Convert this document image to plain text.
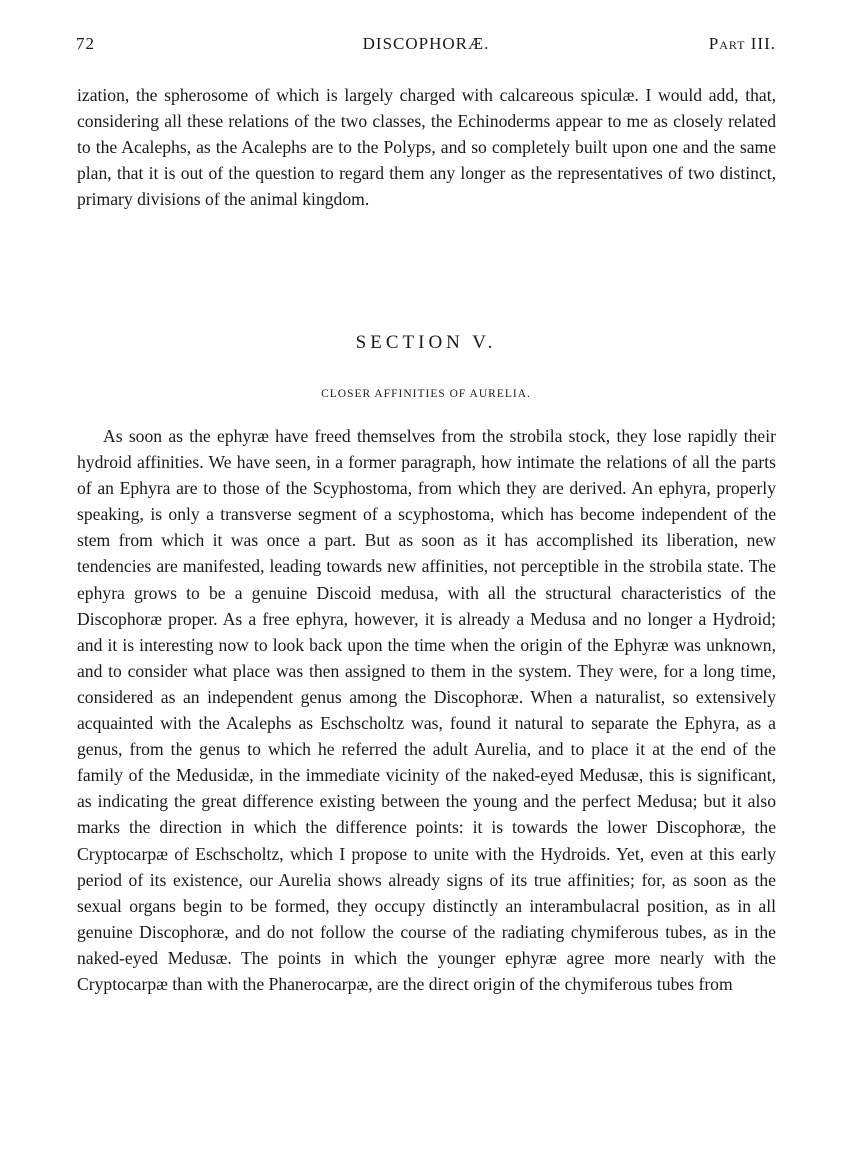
72	DISCOPHORÆ.	Part III.

ization, the spherosome of which is largely charged with calcareous spiculæ. I would add, that, considering all these relations of the two classes, the Echinoderms appear to me as closely related to the Acalephs, as the Acalephs are to the Polyps, and so completely built upon one and the same plan, that it is out of the question to regard them any longer as the representatives of two distinct, primary divisions of the animal kingdom.

SECTION V.
CLOSER AFFINITIES OF AURELIA.

As soon as the ephyræ have freed themselves from the strobila stock, they lose rapidly their hydroid affinities. We have seen, in a former paragraph, how intimate the relations of all the parts of an Ephyra are to those of the Scyphostoma, from which they are derived. An ephyra, properly speaking, is only a transverse segment of a scyphostoma, which has become independent of the stem from which it was once a part. But as soon as it has accomplished its liberation, new tendencies are manifested, leading towards new affinities, not perceptible in the strobila state. The ephyra grows to be a genuine Discoid medusa, with all the structural characteristics of the Discophoræ proper. As a free ephyra, however, it is already a Medusa and no longer a Hydroid; and it is interesting now to look back upon the time when the origin of the Ephyræ was unknown, and to consider what place was then assigned to them in the system. They were, for a long time, considered as an independent genus among the Discophoræ. When a naturalist, so extensively acquainted with the Acalephs as Eschscholtz was, found it natural to separate the Ephyra, as a genus, from the genus to which he referred the adult Aurelia, and to place it at the end of the family of the Medusidæ, in the immediate vicinity of the naked-eyed Medusæ, this is significant, as indicating the great difference existing between the young and the perfect Medusa; but it also marks the direction in which the difference points: it is towards the lower Discophoræ, the Cryptocarpæ of Eschscholtz, which I propose to unite with the Hydroids. Yet, even at this early period of its existence, our Aurelia shows already signs of its true affinities; for, as soon as the sexual organs begin to be formed, they occupy distinctly an interambulacral position, as in all genuine Discophoræ, and do not follow the course of the radiating chymiferous tubes, as in the naked-eyed Medusæ. The points in which the younger ephyræ agree more nearly with the Cryptocarpæ than with the Phanerocarpæ, are the direct origin of the chymiferous tubes from
